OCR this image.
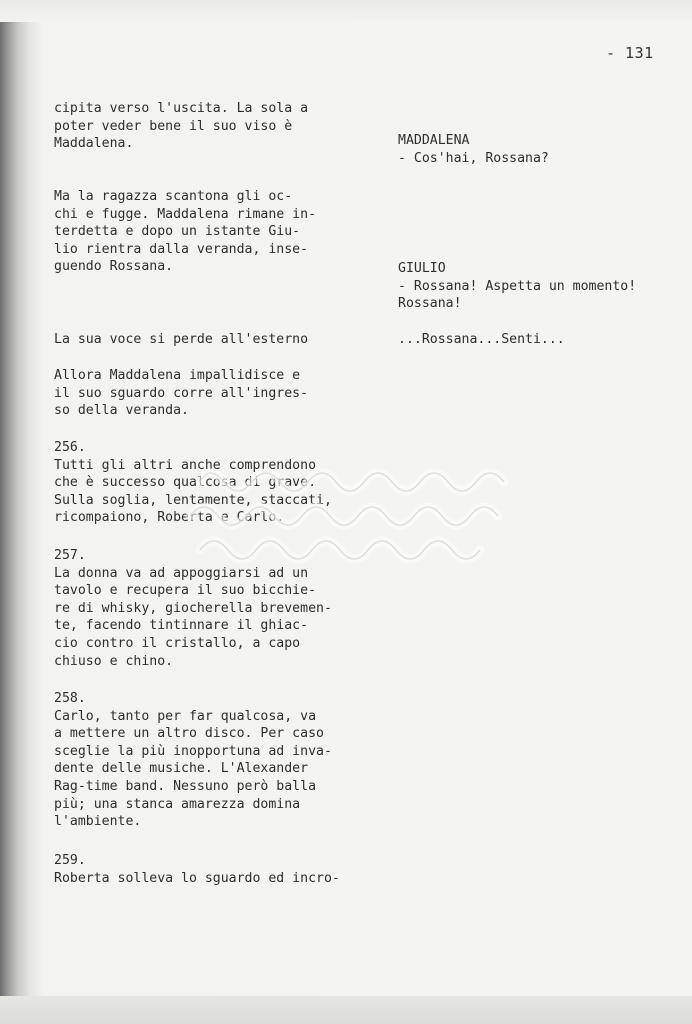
- 131
cipita verso l'uscita. La sola a
poter veder bene il suo viso è
Maddalena.
Ma la ragazza scantona gli oc-
chi e fugge. Maddalena rimane in-
terdetta e dopo un istante Giu-
lio rientra dalla veranda, inse-
guendo Rossana.
La sua voce si perde all'esterno
Allora Maddalena impallidisce e
il suo sguardo corre all'ingres-
so della veranda.
256.
Tutti gli altri anche comprendono
che è successo qualcosa di grave.
Sulla soglia, lentamente, staccati,
ricompaiono, Roberta e Carlo.
257.
La donna va ad appoggiarsi ad un
tavolo e recupera il suo bicchie-
re di whisky, giocherella brevemen-
te, facendo tintinnare il ghiac-
cio contro il cristallo, a capo
chiuso e chino.
258.
Carlo, tanto per far qualcosa, va
a mettere un altro disco. Per caso
sceglie la più inopportuna ad inva-
dente delle musiche. L'Alexander
Rag-time band. Nessuno però balla
più; una stanca amarezza domina
l'ambiente.
259.
Roberta solleva lo sguardo ed incro-
MADDALENA
- Cos'hai, Rossana?
GIULIO
- Rossana! Aspetta un momento!
Rossana!
...Rossana...Senti...
